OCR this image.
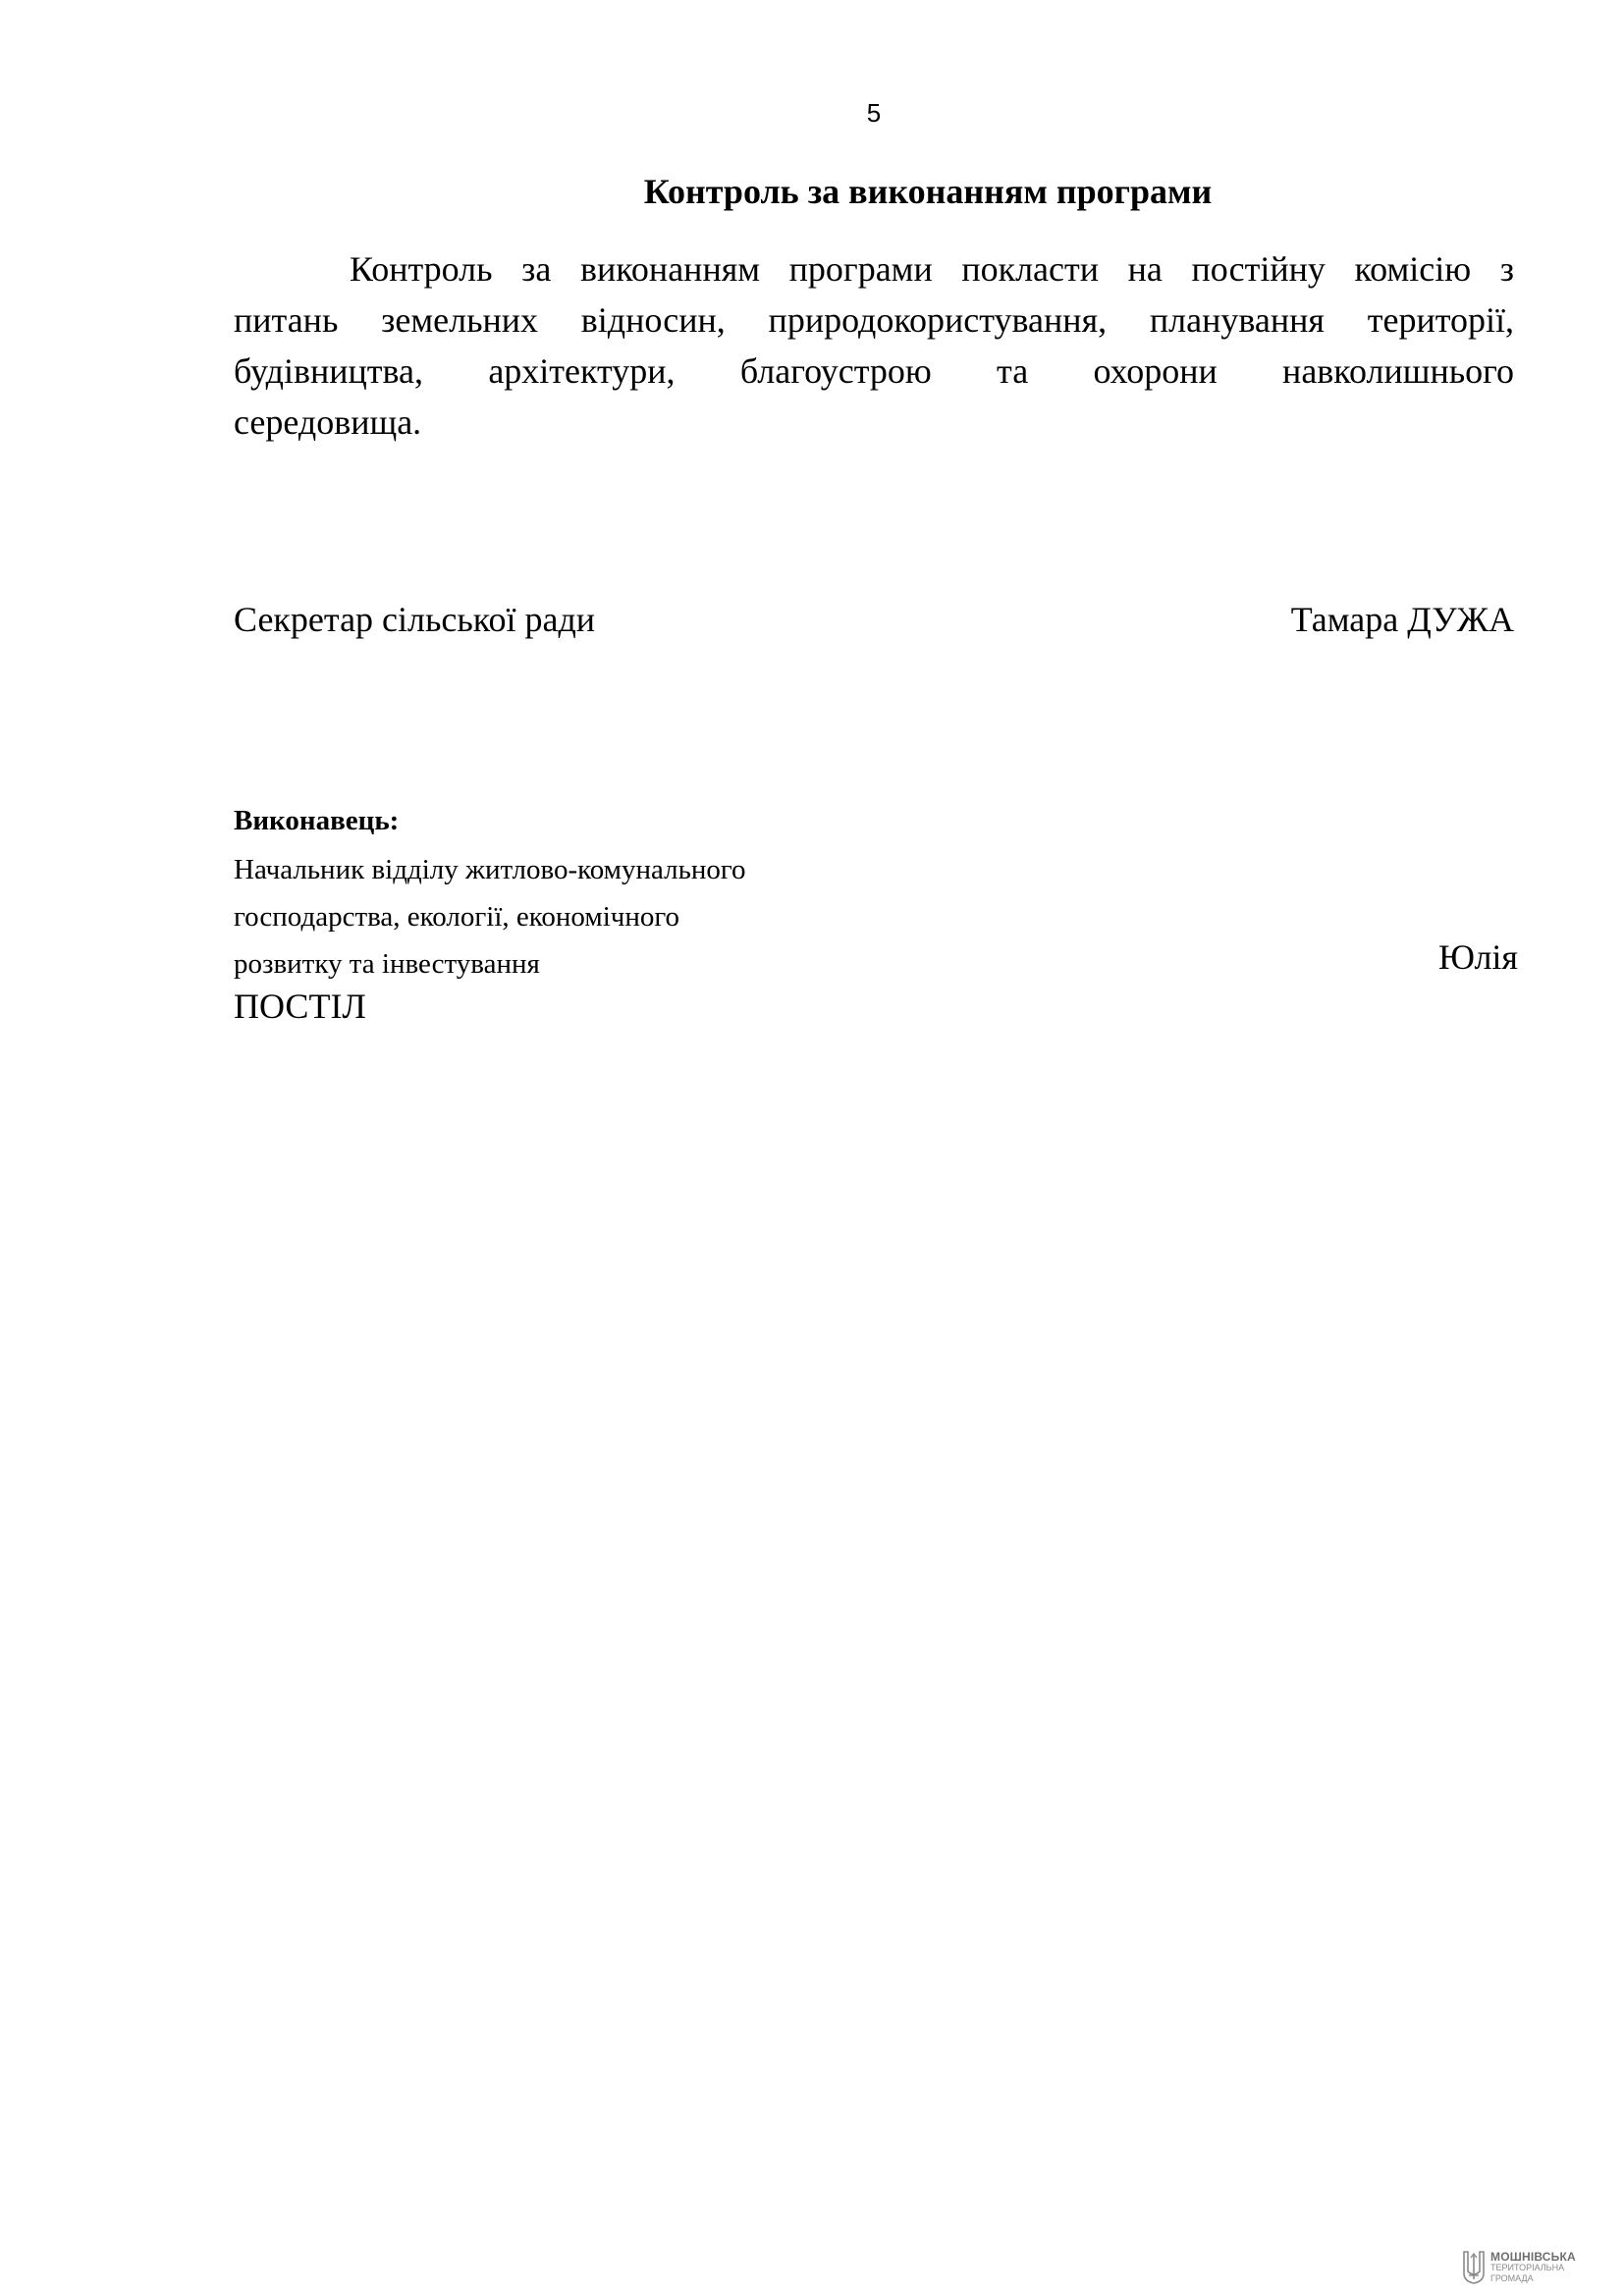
5
Контроль за виконанням програми
Контроль за виконанням програми покласти на постійну комісію з
питань земельних відносин, природокористування, планування території,
будівництва, архітектури, благоустрою та охорони навколишнього
середовища.
Секретар сільської ради	Тамара ДУЖА
Виконавець:
Начальник відділу житлово-комунального
господарства, екології, економічного
розвитку та інвестування	Юлія
ПОСТІЛ
МОШНІВСЬКА
ТЕРИТОРІАЛЬНА
ГРОМАДА
